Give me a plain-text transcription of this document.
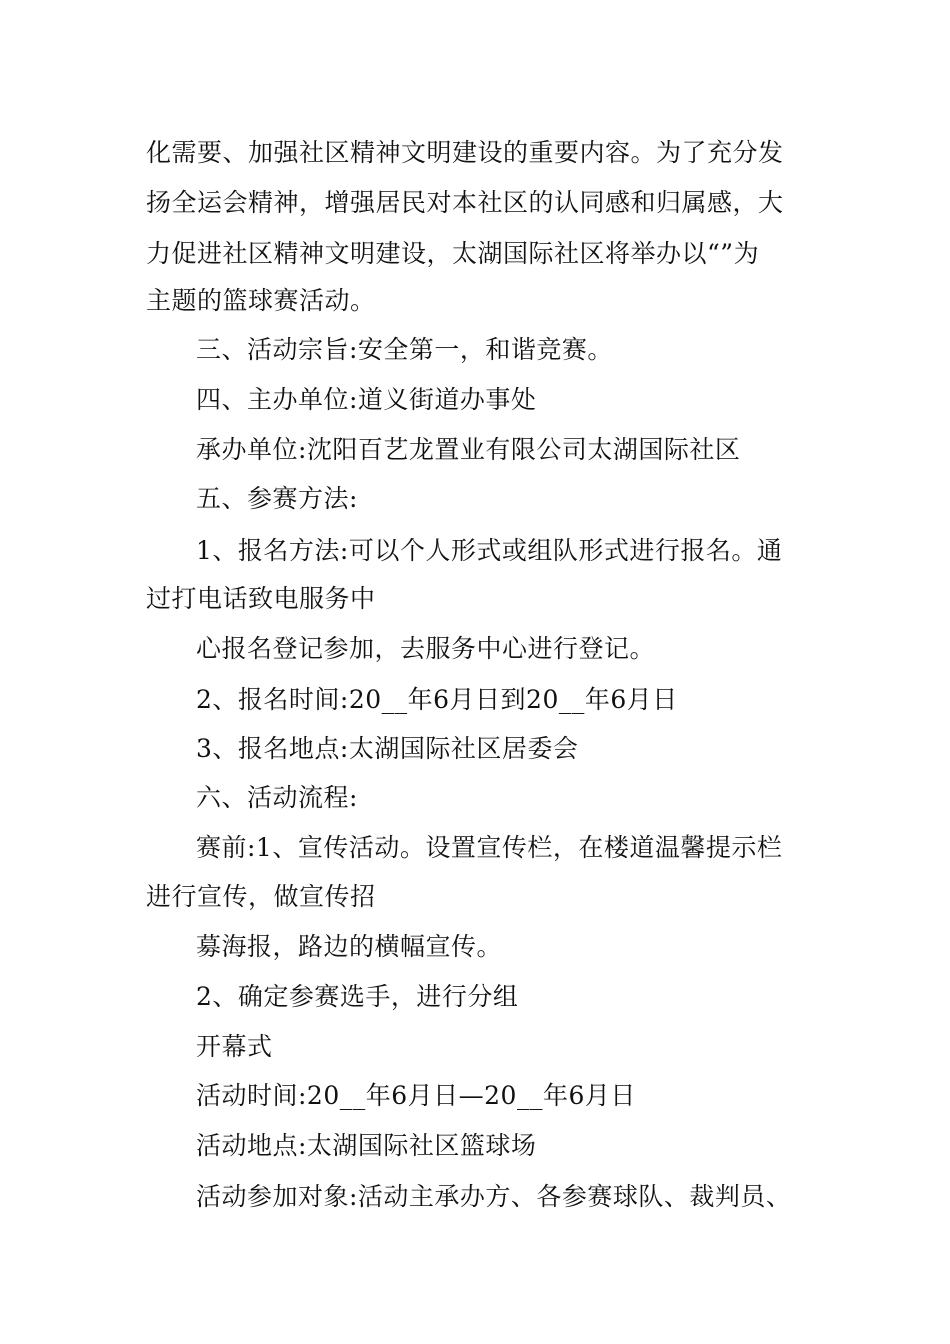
化需要、加强社区精神文明建设的重要内容。为了充分发
扬全运会精神，增强居民对本社区的认同感和归属感，大
力促进社区精神文明建设，太湖国际社区将举办以“”为
主题的篮球赛活动。
三、活动宗旨:安全第一，和谐竞赛。
四、主办单位:道义街道办事处
承办单位:沈阳百艺龙置业有限公司太湖国际社区
五、参赛方法:
1、报名方法:可以个人形式或组队形式进行报名。通
过打电话致电服务中
心报名登记参加，去服务中心进行登记。
2、报名时间:20__年6月日到20__年6月日
3、报名地点:太湖国际社区居委会
六、活动流程:
赛前:1、宣传活动。设置宣传栏，在楼道温馨提示栏
进行宣传，做宣传招
募海报，路边的横幅宣传。
2、确定参赛选手，进行分组
开幕式
活动时间:20__年6月日—20__年6月日
活动地点:太湖国际社区篮球场
活动参加对象:活动主承办方、各参赛球队、裁判员、
